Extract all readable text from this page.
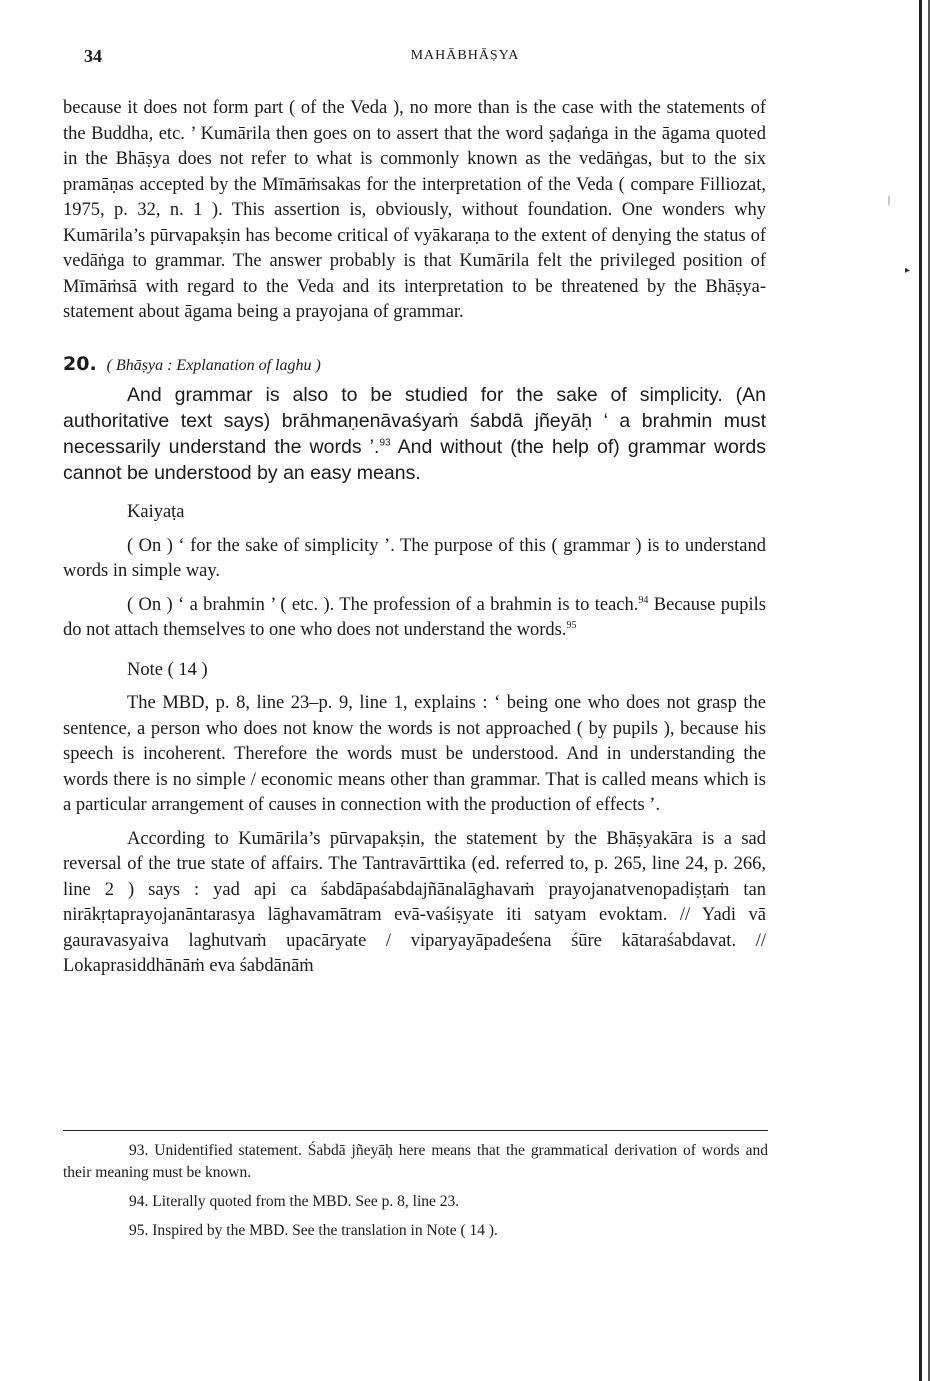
34	MAHĀBHĀṢYA

because it does not form part ( of the Veda ), no more than is the case with the statements of the Buddha, etc. ’ Kumārila then goes on to assert that the word ṣaḍaṅga in the āgama quoted in the Bhāṣya does not refer to what is commonly known as the vedāṅgas, but to the six pramāṇas accepted by the Mīmāṁsakas for the interpretation of the Veda ( compare Filliozat, 1975, p. 32, n. 1 ). This assertion is, obviously, without foundation. One wonders why Kumārila’s pūrvapakṣin has become critical of vyākaraṇa to the extent of denying the status of vedāṅga to grammar. The answer probably is that Kumārila felt the privileged position of Mīmāṁsā with regard to the Veda and its interpretation to be threatened by the Bhāṣya-statement about āgama being a prayojana of grammar.

20. ( Bhāṣya : Explanation of laghu )

And grammar is also to be studied for the sake of simplicity. (An authoritative text says) brāhmaṇenāvaśyaṁ śabdā jñeyāḥ ‘ a brahmin must necessarily understand the words ’.$^{93}$ And without (the help of) grammar words cannot be understood by an easy means.

Kaiyaṭa

( On ) ‘ for the sake of simplicity ’. The purpose of this ( grammar ) is to understand words in simple way.

( On ) ‘ a brahmin ’ ( etc. ). The profession of a brahmin is to teach.$^{94}$ Because pupils do not attach themselves to one who does not understand the words.$^{95}$

Note ( 14 )

The MBD, p. 8, line 23–p. 9, line 1, explains : ‘ being one who does not grasp the sentence, a person who does not know the words is not approached ( by pupils ), because his speech is incoherent. Therefore the words must be understood. And in understanding the words there is no simple / economic means other than grammar. That is called means which is a particular arrangement of causes in connection with the production of effects ’.

According to Kumārila’s pūrvapakṣin, the statement by the Bhāṣyakāra is a sad reversal of the true state of affairs. The Tantravārttika (ed. referred to, p. 265, line 24, p. 266, line 2 ) says : yad api ca śabdāpaśabdajñānalāghavaṁ prayojanatvenopadiṣṭaṁ tan nirākṛtaprayojanāntarasya lāghavamātram evā-vaśiṣyate iti satyam evoktam. // Yadi vā gauravasyaiva laghutvaṁ upacāryate / viparyayāpadeśena śūre kātaraśabdavat. // Lokaprasiddhānāṁ eva śabdānāṁ

93. Unidentified statement. Śabdā jñeyāḥ here means that the grammatical derivation of words and their meaning must be known.

94. Literally quoted from the MBD. See p. 8, line 23.

95. Inspired by the MBD. See the translation in Note ( 14 ).

▸
|
